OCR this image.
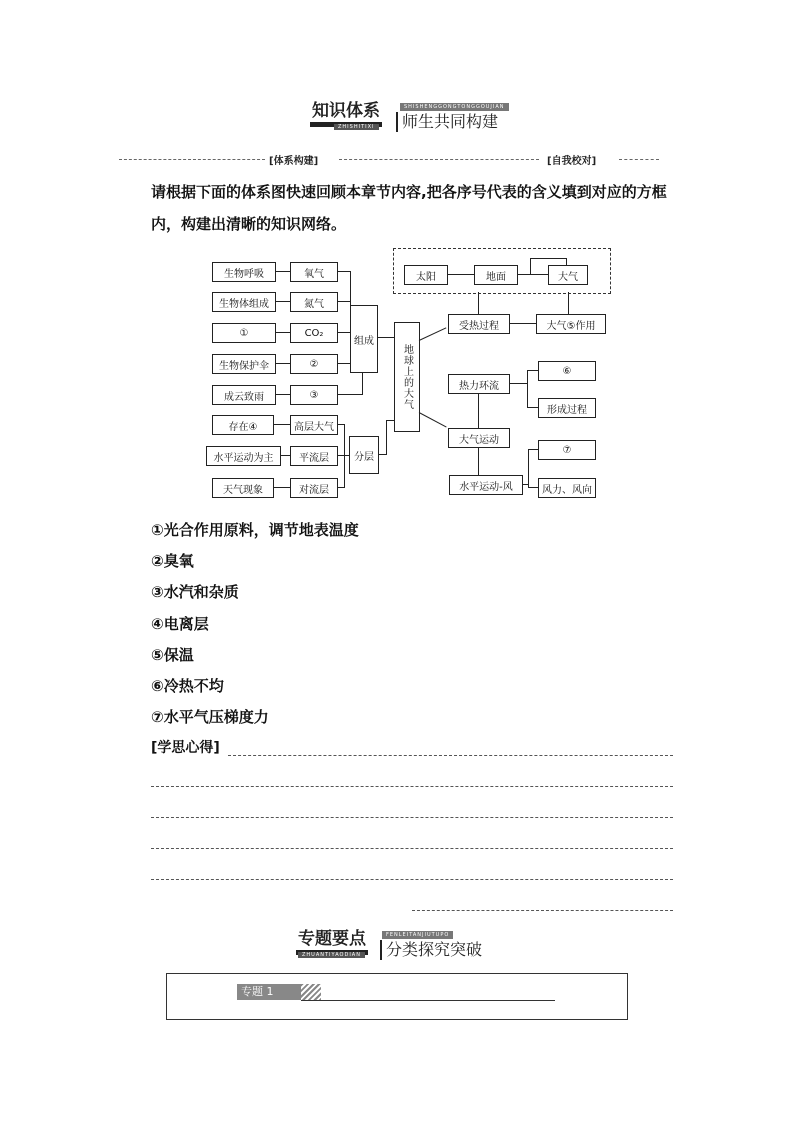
知识体系
ZHISHITIXI
SHISHENGGONGTONGGOUJIAN
师生共同构建
[体系构建]	[自我校对]
请根据下面的体系图快速回顾本章节内容,把各序号代表的含义填到对应的方框内，构建出清晰的知识网络。
生物呼吸
生物体组成
①
生物保护伞
成云致雨
氧气
氮气
CO₂
②
③
组成
地球上的大气
存在④
水平运动为主
天气现象
高层大气
平流层
对流层
分层
太阳	地面	大气
受热过程	大气⑤作用
热力环流
⑥
形成过程
大气运动
水平运动-风
⑦
风力、风向
①光合作用原料，调节地表温度
②臭氧
③水汽和杂质
④电离层
⑤保温
⑥冷热不均
⑦水平气压梯度力
[学思心得]
专题要点
ZHUANTIYAODIAN
FENLEITANJIUTUPO
分类探究突破
专题 1
